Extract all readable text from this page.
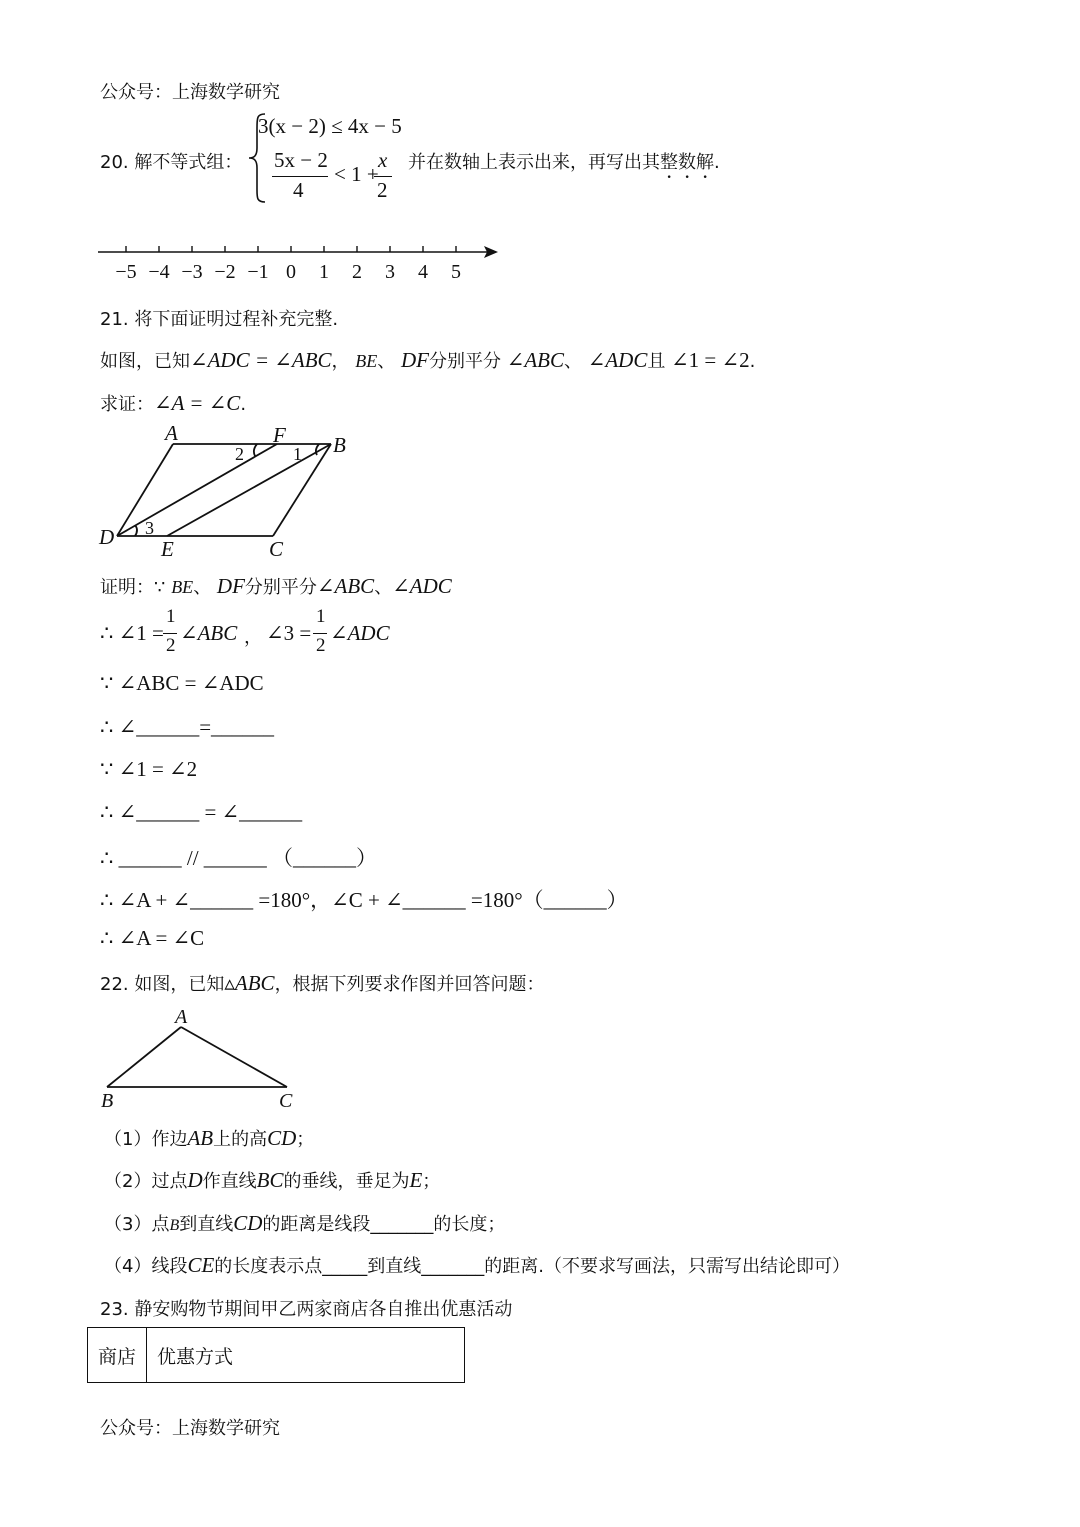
公众号：上海数学研究
20. 解不等式组：
3(x − 2) ≤ 4x − 5
5x − 2
4
< 1 +
x
2
并在数轴上表示出来，再写出其整数解.
−5 −4 −3 −2 −1 0 1 2 3 4 5
21. 将下面证明过程补充完整.
如图，已知∠ADC = ∠ABC， BE、 DF分别平分 ∠ABC、 ∠ADC且 ∠1 = ∠2.
求证：∠A = ∠C.
A	F B
D E	C
1
2
3
证明：∵ BE、 DF分别平分∠ABC、∠ADC
∴ ∠1 =
1
2
∠ABC ， ∠3 =
1
2
∠ADC
∵ ∠ABC = ∠ADC
∴ ∠______=______
∵ ∠1 = ∠2
∴ ∠______ = ∠______
∴ ______ // ______ （______）
∴ ∠A + ∠______ =180°，∠C + ∠______ =180°（______）
∴ ∠A = ∠C
22. 如图，已知▵ABC，根据下列要求作图并回答问题：
A
B	C
（1）作边AB上的高CD；
（2）过点D作直线BC的垂线，垂足为E；
（3）点B到直线CD的距离是线段_______的长度；
（4）线段CE的长度表示点_____到直线_______的距离.（不要求写画法，只需写出结论即可）
23. 静安购物节期间甲乙两家商店各自推出优惠活动
商店	优惠方式
公众号：上海数学研究
